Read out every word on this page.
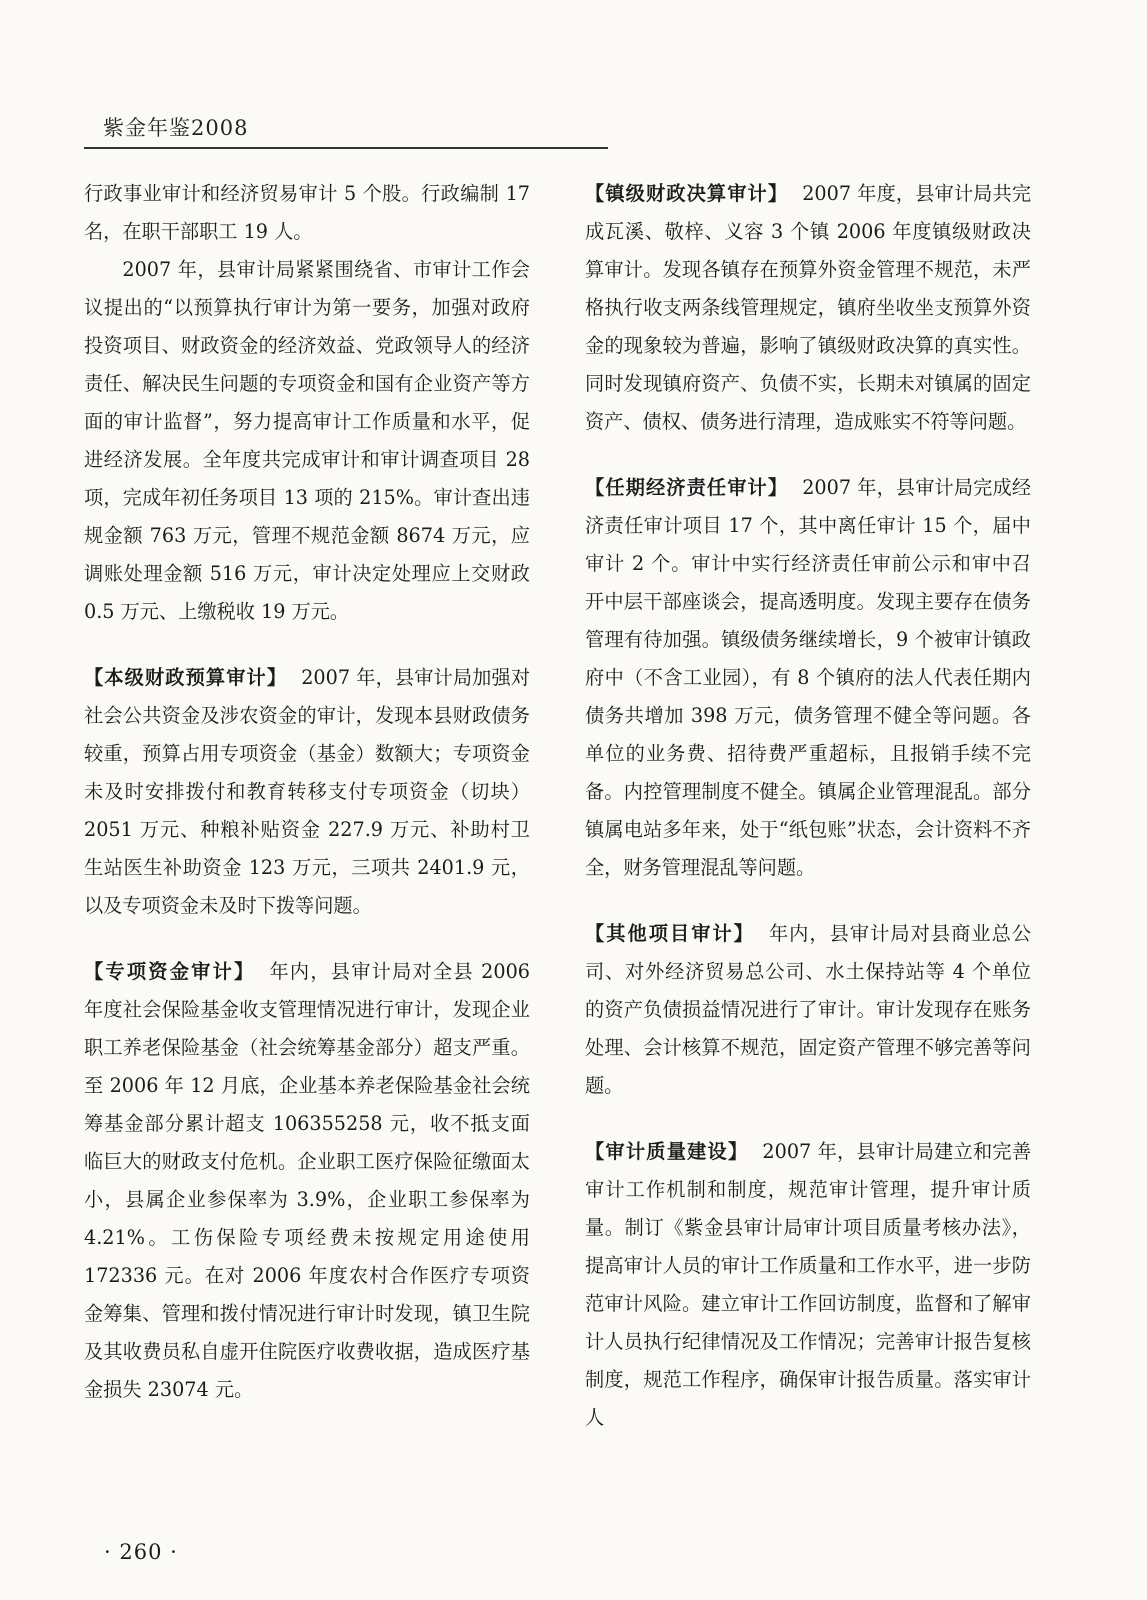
紫金年鉴2008

行政事业审计和经济贸易审计 5 个股。行政编制 17 名，在职干部职工 19 人。

2007 年，县审计局紧紧围绕省、市审计工作会议提出的“以预算执行审计为第一要务，加强对政府投资项目、财政资金的经济效益、党政领导人的经济责任、解决民生问题的专项资金和国有企业资产等方面的审计监督”，努力提高审计工作质量和水平，促进经济发展。全年度共完成审计和审计调查项目 28 项，完成年初任务项目 13 项的 215%。审计查出违规金额 763 万元，管理不规范金额 8674 万元，应调账处理金额 516 万元，审计决定处理应上交财政 0.5 万元、上缴税收 19 万元。

【本级财政预算审计】 2007 年，县审计局加强对社会公共资金及涉农资金的审计，发现本县财政债务较重，预算占用专项资金（基金）数额大；专项资金未及时安排拨付和教育转移支付专项资金（切块）2051 万元、种粮补贴资金 227.9 万元、补助村卫生站医生补助资金 123 万元，三项共 2401.9 元，以及专项资金未及时下拨等问题。

【专项资金审计】 年内，县审计局对全县 2006 年度社会保险基金收支管理情况进行审计，发现企业职工养老保险基金（社会统筹基金部分）超支严重。至 2006 年 12 月底，企业基本养老保险基金社会统筹基金部分累计超支 106355258 元，收不抵支面临巨大的财政支付危机。企业职工医疗保险征缴面太小，县属企业参保率为 3.9%，企业职工参保率为 4.21%。工伤保险专项经费未按规定用途使用 172336 元。在对 2006 年度农村合作医疗专项资金筹集、管理和拨付情况进行审计时发现，镇卫生院及其收费员私自虚开住院医疗收费收据，造成医疗基金损失 23074 元。

【镇级财政决算审计】 2007 年度，县审计局共完成瓦溪、敬梓、义容 3 个镇 2006 年度镇级财政决算审计。发现各镇存在预算外资金管理不规范，未严格执行收支两条线管理规定，镇府坐收坐支预算外资金的现象较为普遍，影响了镇级财政决算的真实性。同时发现镇府资产、负债不实，长期未对镇属的固定资产、债权、债务进行清理，造成账实不符等问题。

【任期经济责任审计】 2007 年，县审计局完成经济责任审计项目 17 个，其中离任审计 15 个，届中审计 2 个。审计中实行经济责任审前公示和审中召开中层干部座谈会，提高透明度。发现主要存在债务管理有待加强。镇级债务继续增长，9 个被审计镇政府中（不含工业园），有 8 个镇府的法人代表任期内债务共增加 398 万元，债务管理不健全等问题。各单位的业务费、招待费严重超标，且报销手续不完备。内控管理制度不健全。镇属企业管理混乱。部分镇属电站多年来，处于“纸包账”状态，会计资料不齐全，财务管理混乱等问题。

【其他项目审计】 年内，县审计局对县商业总公司、对外经济贸易总公司、水土保持站等 4 个单位的资产负债损益情况进行了审计。审计发现存在账务处理、会计核算不规范，固定资产管理不够完善等问题。

【审计质量建设】 2007 年，县审计局建立和完善审计工作机制和制度，规范审计管理，提升审计质量。制订《紫金县审计局审计项目质量考核办法》，提高审计人员的审计工作质量和工作水平，进一步防范审计风险。建立审计工作回访制度，监督和了解审计人员执行纪律情况及工作情况；完善审计报告复核制度，规范工作程序，确保审计报告质量。落实审计人

· 260 ·
